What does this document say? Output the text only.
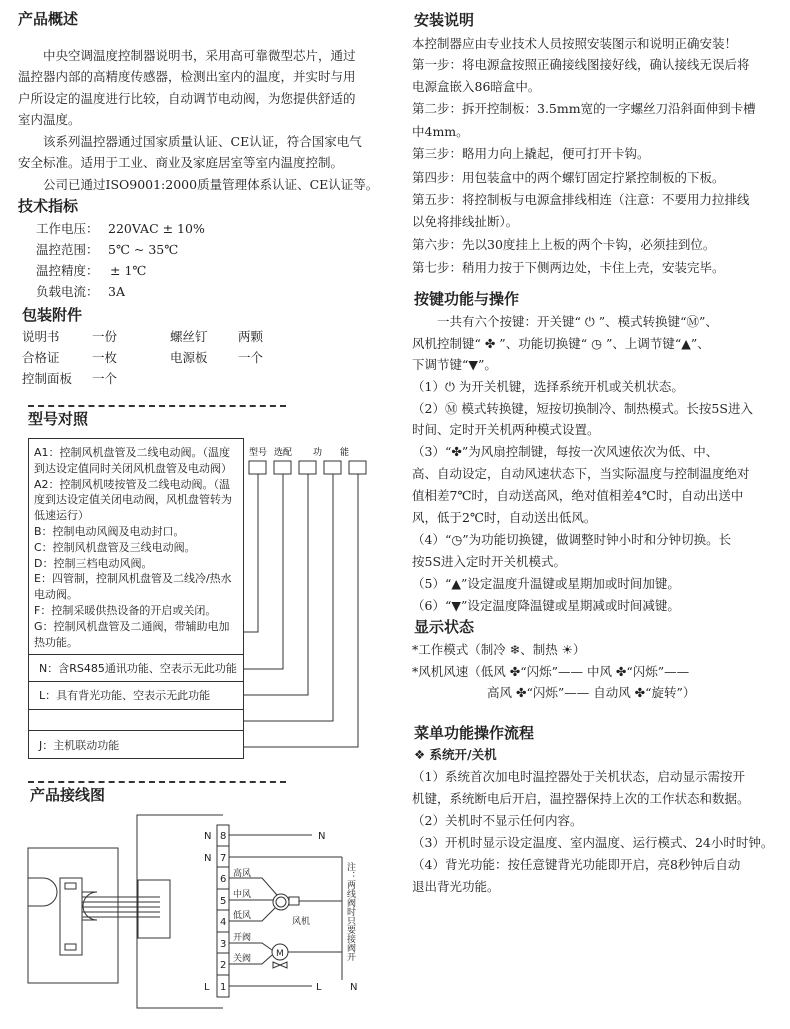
产品概述
　　中央空调温度控制器说明书，采用高可靠微型芯片，通过
温控器内部的高精度传感器，检测出室内的温度，并实时与用
户所设定的温度进行比较，自动调节电动阀，为您提供舒适的
室内温度。
　　该系列温控器通过国家质量认证、CE认证，符合国家电气
安全标准。适用于工业、商业及家庭居室等室内温度控制。
　　公司已通过ISO9001:2000质量管理体系认证、CE认证等。
技术指标
工作电压： 220VAC ± 10%
温控范围： 5℃ ~ 35℃
温控精度： ± 1℃
负载电流： 3A
包装附件
说明书	一份	螺丝钉 两颗
合格证	一枚	电源板 一个
控制面板 一个
型号对照
A1：控制风机盘管及二线电动阀。（温度
到达设定值同时关闭风机盘管及电动阀）
A2：控制风机唛按管及二线电动阀。（温
度到达设定值关闭电动阀，风机盘管转为
低速运行）
B：控制电动风阀及电动封口。
C：控制风机盘管及三线电动阀。
D：控制三档电动风阀。
E：四管制，控制风机盘管及二线冷/热水
电动阀。
F：控制采暖供热设备的开启或关闭。
G：控制风机盘管及二通阀，带辅助电加
热功能。
N：含RS485通讯功能、空表示无此功能
L：具有背光功能、空表示无此功能
J：主机联动功能
型号 选配 功 能
产品接线图
8
7
6
5
4
3
2
1
N
N
L
N
L	N
高风
中风
低风
开阀
关阀
风机
M	注：两线阀时只要接阀开
安装说明
本控制器应由专业技术人员按照安装图示和说明正确安装！
第一步：将电源盒按照正确接线图接好线，确认接线无误后将
电源盒嵌入86暗盒中。
第二步：拆开控制板：3.5mm宽的一字螺丝刀沿斜面伸到卡槽
中4mm。
第三步：略用力向上撬起，便可打开卡钩。
第四步：用包装盒中的两个螺钉固定拧紧控制板的下板。
第五步：将控制板与电源盒排线相连（注意：不要用力拉排线
以免将排线扯断）。
第六步：先以30度挂上上板的两个卡钩，必须挂到位。
第七步：稍用力按于下侧两边处，卡住上壳，安装完毕。
按键功能与操作
　　一共有六个按键：开关键“ ⏻ ”、模式转换键“Ⓜ”、
风机控制键“ ✤ ”、功能切换键“ ◷ ”、上调节键“▲”、
下调节键“▼”。
（1）⏻ 为开关机键，选择系统开机或关机状态。
（2）Ⓜ 模式转换键，短按切换制冷、制热模式。长按5S进入
时间、定时开关机两种模式设置。
（3）“✤”为风扇控制键，每按一次风速依次为低、中、
高、自动设定，自动风速状态下，当实际温度与控制温度绝对
值相差7℃时，自动送高风，绝对值相差4℃时，自动出送中
风，低于2℃时，自动送出低风。
（4）“◷”为功能切换键，做调整时钟小时和分钟切换。长
按5S进入定时开关机模式。
（5）“▲”设定温度升温键或星期加或时间加键。
（6）“▼”设定温度降温键或星期减或时间减键。
显示状态
*工作模式（制冷 ❄、制热 ☀）
*风机风速（低风 ✤“闪烁”—— 中风 ✤“闪烁”——
　　　　　　高风 ✤“闪烁”—— 自动风 ✤“旋转”）
菜单功能操作流程
❖ 系统开/关机
（1）系统首次加电时温控器处于关机状态，启动显示需按开
机键，系统断电后开启，温控器保持上次的工作状态和数据。
（2）关机时不显示任何内容。
（3）开机时显示设定温度、室内温度、运行模式、24小时时钟。
（4）背光功能：按任意键背光功能即开启，亮8秒钟后自动
退出背光功能。
